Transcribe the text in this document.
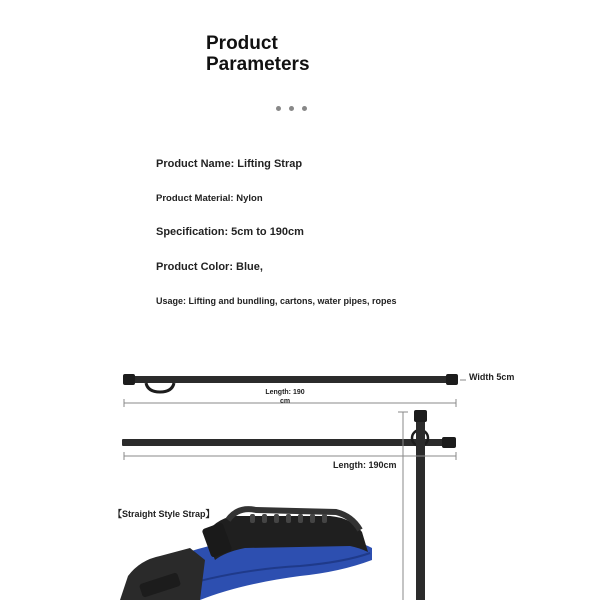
Product
Parameters
Product Name: Lifting Strap
Product Material: Nylon
Specification: 5cm to 190cm
Product Color: Blue,
Usage: Lifting and bundling, cartons, water pipes, ropes
Width 5cm
Length: 190
cm
Length: 190cm
【Straight Style Strap】
